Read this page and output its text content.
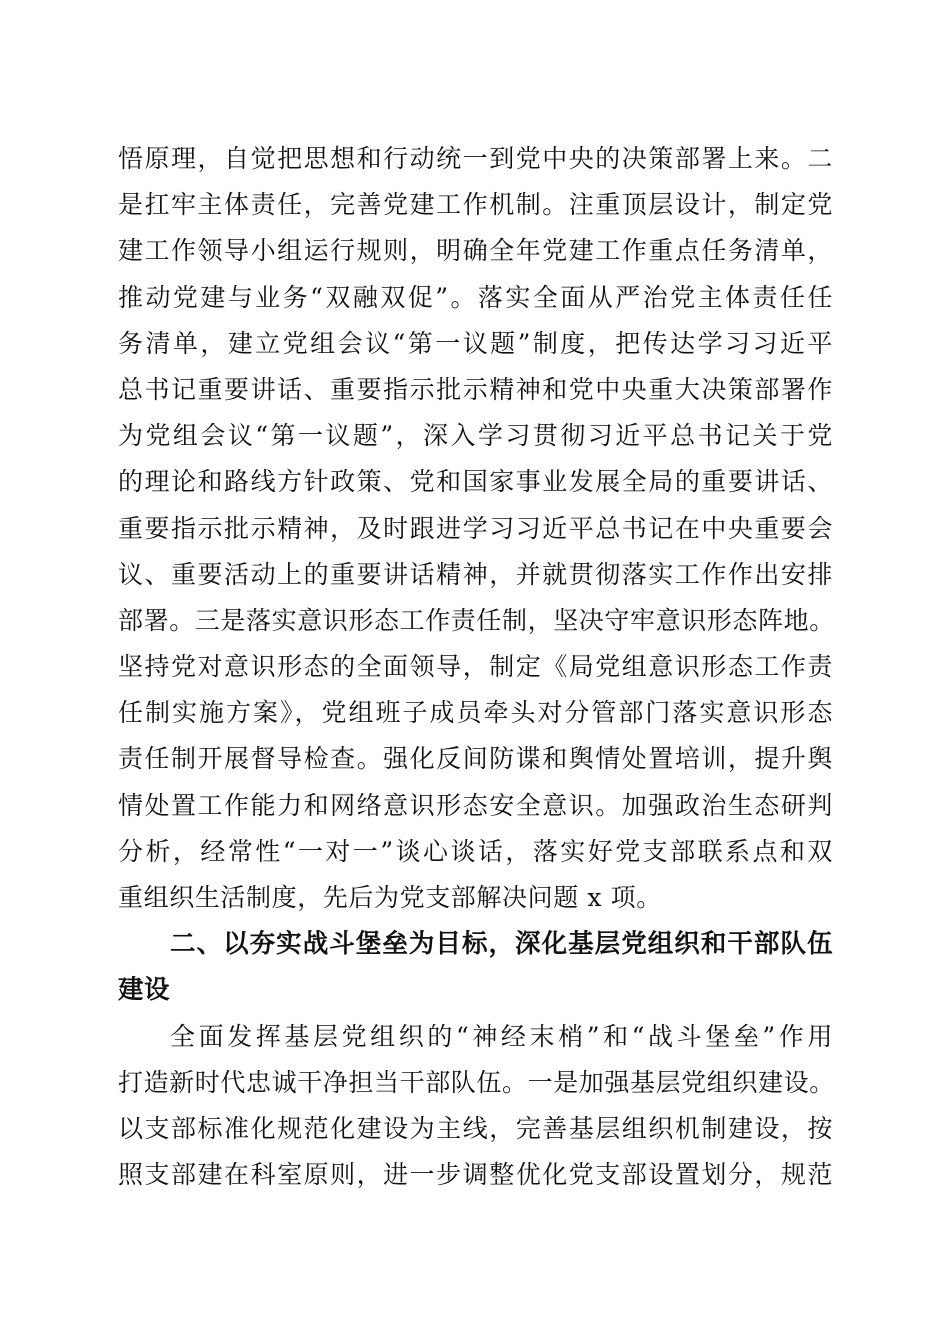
悟原理，自觉把思想和行动统一到党中央的决策部署上来。二
是扛牢主体责任，完善党建工作机制。注重顶层设计，制定党
建工作领导小组运行规则，明确全年党建工作重点任务清单，
推动党建与业务“双融双促”。落实全面从严治党主体责任任
务清单，建立党组会议“第一议题”制度，把传达学习习近平
总书记重要讲话、重要指示批示精神和党中央重大决策部署作
为党组会议“第一议题”，深入学习贯彻习近平总书记关于党
的理论和路线方针政策、党和国家事业发展全局的重要讲话、
重要指示批示精神，及时跟进学习习近平总书记在中央重要会
议、重要活动上的重要讲话精神，并就贯彻落实工作作出安排
部署。三是落实意识形态工作责任制，坚决守牢意识形态阵地。
坚持党对意识形态的全面领导，制定《局党组意识形态工作责
任制实施方案》，党组班子成员牵头对分管部门落实意识形态
责任制开展督导检查。强化反间防谍和舆情处置培训，提升舆
情处置工作能力和网络意识形态安全意识。加强政治生态研判
分析，经常性“一对一”谈心谈话，落实好党支部联系点和双
重组织生活制度，先后为党支部解决问题 x 项。
二、以夯实战斗堡垒为目标，深化基层党组织和干部队伍
建设
全面发挥基层党组织的“神经末梢”和“战斗堡垒”作用
打造新时代忠诚干净担当干部队伍。一是加强基层党组织建设。
以支部标准化规范化建设为主线，完善基层组织机制建设，按
照支部建在科室原则，进一步调整优化党支部设置划分，规范
